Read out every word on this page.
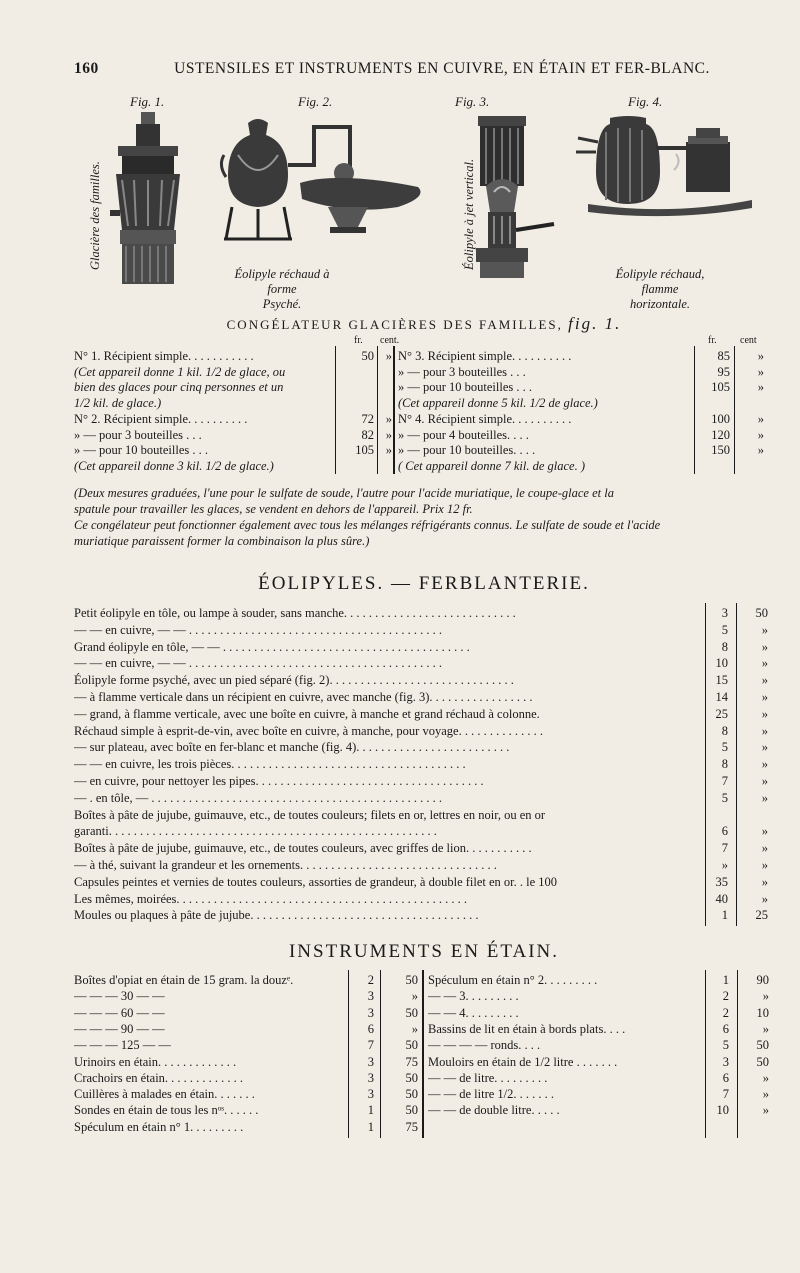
160	USTENSILES ET INSTRUMENTS EN CUIVRE, EN ÉTAIN ET FER-BLANC.
Fig. 1.	Fig. 2.	Fig. 3.	Fig. 4.
Glacière des familles.	Éolipyle à jet vertical.
Éolipyle réchaud à forme
Psyché.
Éolipyle réchaud, flamme
horizontale.
CONGÉLATEUR GLACIÈRES DES FAMILLES, fig. 1.
fr. cent.	fr. cent
N° 1. Récipient simple. . . . . . . . . . .	50 »
(Cet appareil donne 1 kil. 1/2 de glace, ou
bien des glaces pour cinq personnes et un
1/2 kil. de glace.)
N° 2. Récipient simple. . . . . . . . . .	72 »
» — pour 3 bouteilles . . .	82 »
» — pour 10 bouteilles . . .	105 »
(Cet appareil donne 3 kil. 1/2 de glace.)
N° 3. Récipient simple. . . . . . . . . .	85	»
» — pour 3 bouteilles . . .	95	»
» — pour 10 bouteilles . . .	105	»
(Cet appareil donne 5 kil. 1/2 de glace.)
N° 4. Récipient simple. . . . . . . . . .	100	»
» — pour 4 bouteilles. . . .	120	»
» — pour 10 bouteilles. . . .	150	»
( Cet appareil donne 7 kil. de glace. )
(Deux mesures graduées, l'une pour le sulfate de soude, l'autre pour l'acide muriatique, le coupe-glace et la
spatule pour travailler les glaces, se vendent en dehors de l'appareil. Prix 12 fr.
Ce congélateur peut fonctionner également avec tous les mélanges réfrigérants connus. Le sulfate de soude et l'acide
muriatique paraissent former la combinaison la plus sûre.)
ÉOLIPYLES. — FERBLANTERIE.
Petit éolipyle en tôle, ou lampe à souder, sans manche. . . . . . . . . . . . . . . . . . . . . . . . . . . .	3	50
— — en cuivre, — — . . . . . . . . . . . . . . . . . . . . . . . . . . . . . . . . . . . . . . . . .	5	»
Grand éolipyle en tôle, — — . . . . . . . . . . . . . . . . . . . . . . . . . . . . . . . . . . . . . . . .	8	»
— — en cuivre, — — . . . . . . . . . . . . . . . . . . . . . . . . . . . . . . . . . . . . . . . . .	10	»
Éolipyle forme psyché, avec un pied séparé (fig. 2). . . . . . . . . . . . . . . . . . . . . . . . . . . . . .	15	»
— à flamme verticale dans un récipient en cuivre, avec manche (fig. 3). . . . . . . . . . . . . . . . .	14	»
— grand, à flamme verticale, avec une boîte en cuivre, à manche et grand réchaud à colonne.	25	»
Réchaud simple à esprit-de-vin, avec boîte en cuivre, à manche, pour voyage. . . . . . . . . . . . . .	8	»
— sur plateau, avec boîte en fer-blanc et manche (fig. 4). . . . . . . . . . . . . . . . . . . . . . . . .	5	»
— — en cuivre, les trois pièces. . . . . . . . . . . . . . . . . . . . . . . . . . . . . . . . . . . . . .	8	»
— en cuivre, pour nettoyer les pipes. . . . . . . . . . . . . . . . . . . . . . . . . . . . . . . . . . . . .	7	»
— . en tôle, — . . . . . . . . . . . . . . . . . . . . . . . . . . . . . . . . . . . . . . . . . . . . . . .	5	»
Boîtes à pâte de jujube, guimauve, etc., de toutes couleurs; filets en or, lettres en noir, ou en or
garanti. . . . . . . . . . . . . . . . . . . . . . . . . . . . . . . . . . . . . . . . . . . . . . . . . . . . .	6	»
Boîtes à pâte de jujube, guimauve, etc., de toutes couleurs, avec griffes de lion. . . . . . . . . . .	7	»
— à thé, suivant la grandeur et les ornements. . . . . . . . . . . . . . . . . . . . . . . . . . . . . . . .	»	»
Capsules peintes et vernies de toutes couleurs, assorties de grandeur, à double filet en or. . le 100	35	»
Les mêmes, moirées. . . . . . . . . . . . . . . . . . . . . . . . . . . . . . . . . . . . . . . . . . . . . . .	40	»
Moules ou plaques à pâte de jujube. . . . . . . . . . . . . . . . . . . . . . . . . . . . . . . . . . . . .	1	25
INSTRUMENTS EN ÉTAIN.
Boîtes d'opiat en étain de 15 gram. la douzᵉ.	2	50
— — — 30 — —	3	»
— — — 60 — —	3	50
— — — 90 — —	6	»
— — — 125 — —	7	50
Urinoirs en étain. . . . . . . . . . . . .	3	75
Crachoirs en étain. . . . . . . . . . . . .	3	50
Cuillères à malades en étain. . . . . . .	3	50
Sondes en étain de tous les nᵒˢ. . . . . .	1	50
Spéculum en étain n° 1. . . . . . . . .	1	75
Spéculum en étain n° 2. . . . . . . . .	1	90
— — 3. . . . . . . . .	2	»
— — 4. . . . . . . . .	2	10
Bassins de lit en étain à bords plats. . . .	6	»
— — — — ronds. . . .	5	50
Mouloirs en étain de 1/2 litre . . . . . . .	3	50
— — de litre. . . . . . . . .	6	»
— — de litre 1/2. . . . . . .	7	»
— — de double litre. . . . .	10	»
